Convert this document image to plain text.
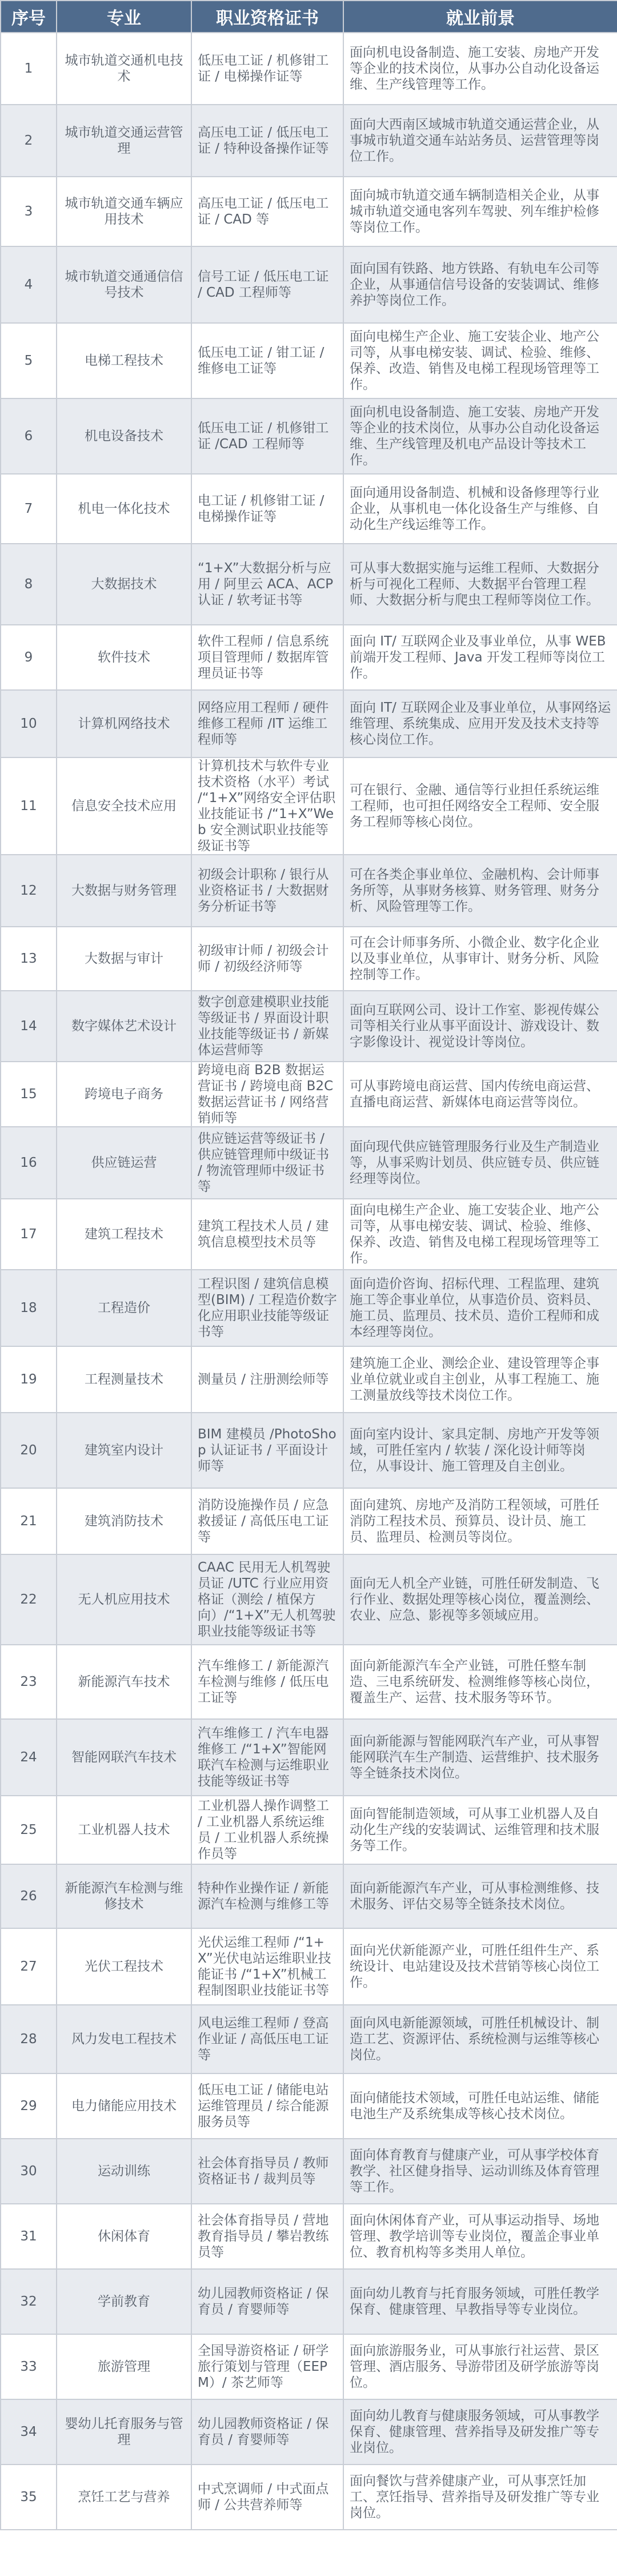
序号	专业	职业资格证书	就业前景
1	城市轨道交通机电技术	低压电工证 / 机修钳工证 / 电梯操作证等	面向机电设备制造、施工安装、房地产开发等企业的技术岗位，从事办公自动化设备运维、生产线管理等工作。
2	城市轨道交通运营管理	高压电工证 / 低压电工证 / 特种设备操作证等	面向大西南区域城市轨道交通运营企业，从事城市轨道交通车站站务员、运营管理等岗位工作。
3	城市轨道交通车辆应用技术	高压电工证 / 低压电工证 / CAD 等	面向城市轨道交通车辆制造相关企业，从事城市轨道交通电客列车驾驶、列车维护检修等岗位工作。
4	城市轨道交通通信信号技术	信号工证 / 低压电工证 / CAD 工程师等	面向国有铁路、地方铁路、有轨电车公司等企业，从事通信信号设备的安装调试、维修养护等岗位工作。
5	电梯工程技术	低压电工证 / 钳工证 / 维修电工证等	面向电梯生产企业、施工安装企业、地产公司等，从事电梯安装、调试、检验、维修、保养、改造、销售及电梯工程现场管理等工作。
6	机电设备技术	低压电工证 / 机修钳工证 /CAD 工程师等	面向机电设备制造、施工安装、房地产开发等企业的技术岗位，从事办公自动化设备运维、生产线管理及机电产品设计等技术工作。
7	机电一体化技术	电工证 / 机修钳工证 / 电梯操作证等	面向通用设备制造、机械和设备修理等行业企业，从事机电一体化设备生产与维修、自动化生产线运维等工作。
8	大数据技术	“1+X”大数据分析与应用 / 阿里云 ACA、ACP 认证 / 软考证书等	可从事大数据实施与运维工程师、大数据分析与可视化工程师、大数据平台管理工程师、大数据分析与爬虫工程师等岗位工作。
9	软件技术	软件工程师 / 信息系统项目管理师 / 数据库管理员证书等	面向 IT/ 互联网企业及事业单位，从事 WEB 前端开发工程师、Java 开发工程师等岗位工作。
10	计算机网络技术	网络应用工程师 / 硬件维修工程师 /IT 运维工程师等	面向 IT/ 互联网企业及事业单位，从事网络运维管理、系统集成、应用开发及技术支持等核心岗位工作。
11	信息安全技术应用	计算机技术与软件专业技术资格（水平）考试 /“1+X”网络安全评估职业技能证书 /“1+X”Web 安全测试职业技能等级证书等	可在银行、金融、通信等行业担任系统运维工程师，也可担任网络安全工程师、安全服务工程师等核心岗位。
12	大数据与财务管理	初级会计职称 / 银行从业资格证书 / 大数据财务分析证书等	可在各类企事业单位、金融机构、会计师事务所等，从事财务核算、财务管理、财务分析、风险管理等工作。
13	大数据与审计	初级审计师 / 初级会计师 / 初级经济师等	可在会计师事务所、小微企业、数字化企业以及事业单位，从事审计、财务分析、风险控制等工作。
14	数字媒体艺术设计	数字创意建模职业技能等级证书 / 界面设计职业技能等级证书 / 新媒体运营师等	面向互联网公司、设计工作室、影视传媒公司等相关行业从事平面设计、游戏设计、数字影像设计、视觉设计等岗位。
15	跨境电子商务	跨境电商 B2B 数据运营证书 / 跨境电商 B2C 数据运营证书 / 网络营销师等	可从事跨境电商运营、国内传统电商运营、直播电商运营、新媒体电商运营等岗位。
16	供应链运营	供应链运营等级证书 / 供应链管理师中级证书 / 物流管理师中级证书等	面向现代供应链管理服务行业及生产制造业等，从事采购计划员、供应链专员、供应链经理等岗位。
17	建筑工程技术	建筑工程技术人员 / 建筑信息模型技术员等	面向电梯生产企业、施工安装企业、地产公司等，从事电梯安装、调试、检验、维修、保养、改造、销售及电梯工程现场管理等工作。
18	工程造价	工程识图 / 建筑信息模型(BIM) / 工程造价数字化应用职业技能等级证书等	面向造价咨询、招标代理、工程监理、建筑施工等企事业单位，从事造价员、资料员、施工员、监理员、技术员、造价工程师和成本经理等岗位。
19	工程测量技术	测量员 / 注册测绘师等	建筑施工企业、测绘企业、建设管理等企事业单位就业或自主创业，从事工程施工、施工测量放线等技术岗位工作。
20	建筑室内设计	BIM 建模员 /PhotoShop 认证证书 / 平面设计师等	面向室内设计、家具定制、房地产开发等领域，可胜任室内 / 软装 / 深化设计师等岗位，从事设计、施工管理及自主创业。
21	建筑消防技术	消防设施操作员 / 应急救援证 / 高低压电工证等	面向建筑、房地产及消防工程领域，可胜任消防工程技术员、预算员、设计员、施工员、监理员、检测员等岗位。
22	无人机应用技术	CAAC 民用无人机驾驶员证 /UTC 行业应用资格证（测绘 / 植保方向）/“1+X”无人机驾驶职业技能等级证书等	面向无人机全产业链，可胜任研发制造、飞行作业、数据处理等核心岗位，覆盖测绘、农业、应急、影视等多领域应用。
23	新能源汽车技术	汽车维修工 / 新能源汽车检测与维修 / 低压电工证等	面向新能源汽车全产业链，可胜任整车制造、三电系统研发、检测维修等核心岗位，覆盖生产、运营、技术服务等环节。
24	智能网联汽车技术	汽车维修工 / 汽车电器维修工 /“1+X”智能网联汽车检测与运维职业技能等级证书等	面向新能源与智能网联汽车产业，可从事智能网联汽车生产制造、运营维护、技术服务等全链条技术岗位。
25	工业机器人技术	工业机器人操作调整工 / 工业机器人系统运维员 / 工业机器人系统操作员等	面向智能制造领域，可从事工业机器人及自动化生产线的安装调试、运维管理和技术服务等工作。
26	新能源汽车检测与维修技术	特种作业操作证 / 新能源汽车检测与维修工等	面向新能源汽车产业，可从事检测维修、技术服务、评估交易等全链条技术岗位。
27	光伏工程技术	光伏运维工程师 /“1+X”光伏电站运维职业技能证书 /“1+X”机械工程制图职业技能证书等	面向光伏新能源产业，可胜任组件生产、系统设计、电站建设及技术营销等核心岗位工作。
28	风力发电工程技术	风电运维工程师 / 登高作业证 / 高低压电工证等	面向风电新能源领域，可胜任机械设计、制造工艺、资源评估、系统检测与运维等核心岗位。
29	电力储能应用技术	低压电工证 / 储能电站运维管理员 / 综合能源服务员等	面向储能技术领域，可胜任电站运维、储能电池生产及系统集成等核心技术岗位。
30	运动训练	社会体育指导员 / 教师资格证书 / 裁判员等	面向体育教育与健康产业，可从事学校体育教学、社区健身指导、运动训练及体育管理等工作。
31	休闲体育	社会体育指导员 / 营地教育指导员 / 攀岩教练员等	面向休闲体育产业，可从事运动指导、场地管理、教学培训等专业岗位，覆盖企事业单位、教育机构等多类用人单位。
32	学前教育	幼儿园教师资格证 / 保育员 / 育婴师等	面向幼儿教育与托育服务领域，可胜任教学保育、健康管理、早教指导等专业岗位。
33	旅游管理	全国导游资格证 / 研学旅行策划与管理（EEPM）/ 茶艺师等	面向旅游服务业，可从事旅行社运营、景区管理、酒店服务、导游带团及研学旅游等岗位。
34	婴幼儿托育服务与管理	幼儿园教师资格证 / 保育员 / 育婴师等	面向幼儿教育与健康服务领域，可从事教学保育、健康管理、营养指导及研发推广等专业岗位。
35	烹饪工艺与营养	中式烹调师 / 中式面点师 / 公共营养师等	面向餐饮与营养健康产业，可从事烹饪加工、烹饪指导、营养指导及研发推广等专业岗位。
